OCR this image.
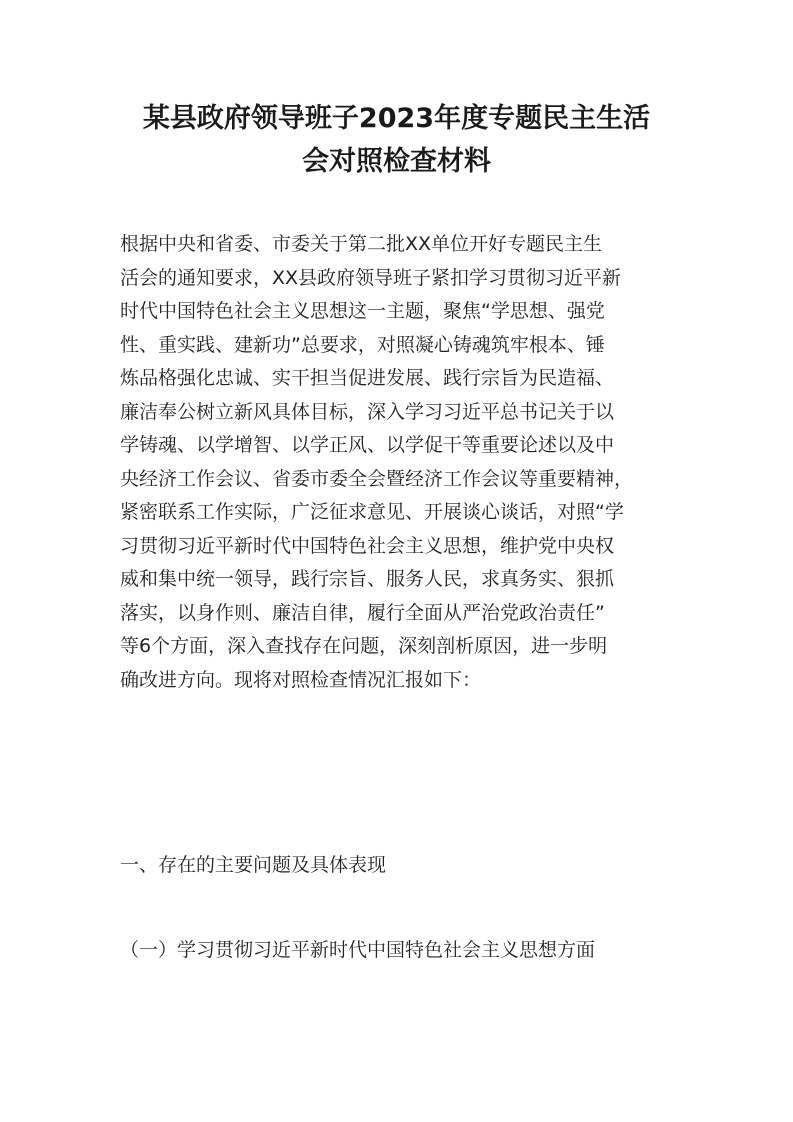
某县政府领导班子2023年度专题民主生活
会对照检查材料
根据中央和省委、市委关于第二批XX单位开好专题民主生
活会的通知要求，XX县政府领导班子紧扣学习贯彻习近平新
时代中国特色社会主义思想这一主题，聚焦“学思想、强党
性、重实践、建新功”总要求，对照凝心铸魂筑牢根本、锤
炼品格强化忠诚、实干担当促进发展、践行宗旨为民造福、
廉洁奉公树立新风具体目标，深入学习习近平总书记关于以
学铸魂、以学增智、以学正风、以学促干等重要论述以及中
央经济工作会议、省委市委全会暨经济工作会议等重要精神，
紧密联系工作实际，广泛征求意见、开展谈心谈话，对照“学
习贯彻习近平新时代中国特色社会主义思想，维护党中央权
威和集中统一领导，践行宗旨、服务人民，求真务实、狠抓
落实，以身作则、廉洁自律，履行全面从严治党政治责任”
等6个方面，深入查找存在问题，深刻剖析原因，进一步明
确改进方向。现将对照检查情况汇报如下：

一、存在的主要问题及具体表现

（一）学习贯彻习近平新时代中国特色社会主义思想方面
